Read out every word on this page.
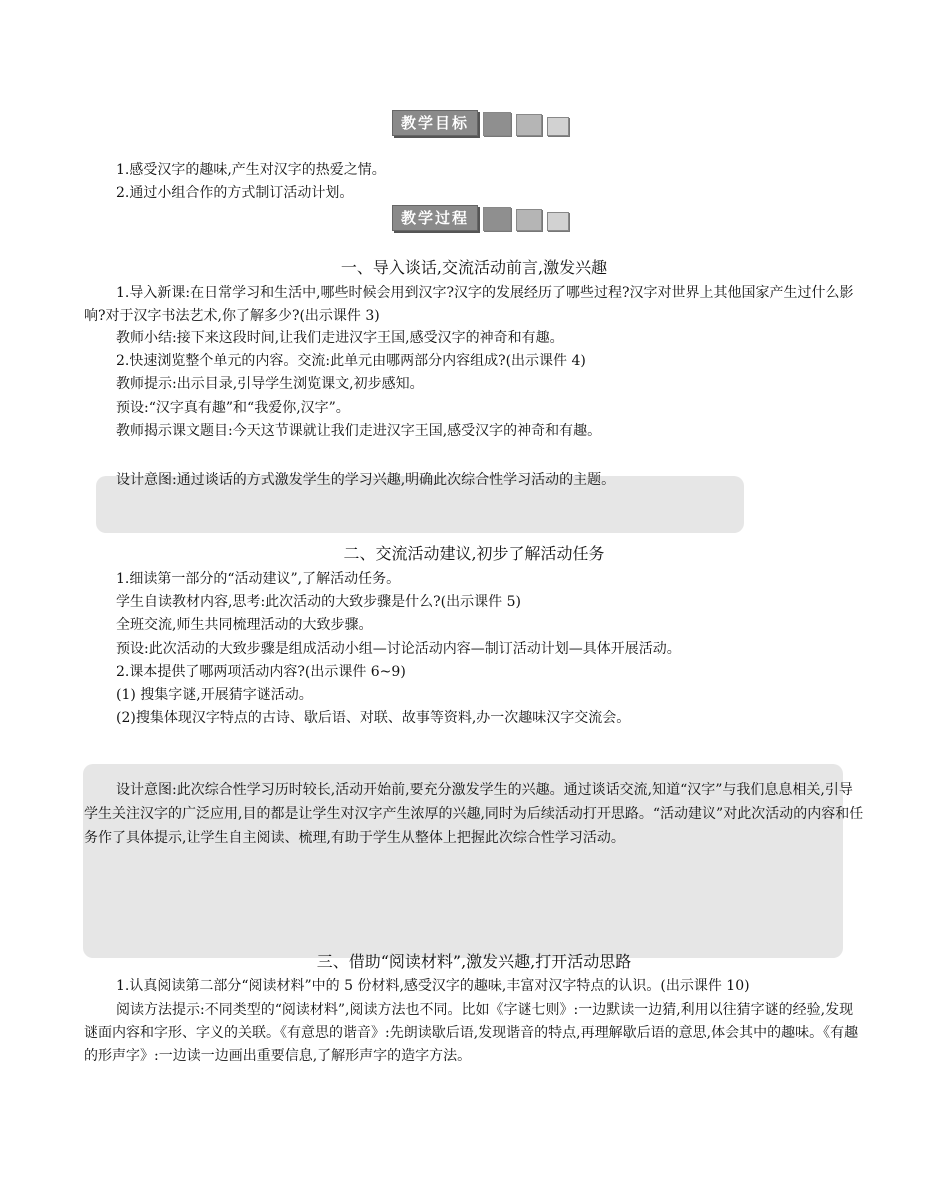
教学目标
1.感受汉字的趣味,产生对汉字的热爱之情。
2.通过小组合作的方式制订活动计划。
教学过程
一、导入谈话,交流活动前言,激发兴趣
1.导入新课:在日常学习和生活中,哪些时候会用到汉字?汉字的发展经历了哪些过程?汉字对世界上其他国家产生过什么影响?对于汉字书法艺术,你了解多少?(出示课件 3)
教师小结:接下来这段时间,让我们走进汉字王国,感受汉字的神奇和有趣。
2.快速浏览整个单元的内容。交流:此单元由哪两部分内容组成?(出示课件 4)
教师提示:出示目录,引导学生浏览课文,初步感知。
预设:“汉字真有趣”和“我爱你,汉字”。
教师揭示课文题目:今天这节课就让我们走进汉字王国,感受汉字的神奇和有趣。
设计意图:通过谈话的方式激发学生的学习兴趣,明确此次综合性学习活动的主题。
二、交流活动建议,初步了解活动任务
1.细读第一部分的“活动建议”,了解活动任务。
学生自读教材内容,思考:此次活动的大致步骤是什么?(出示课件 5)
全班交流,师生共同梳理活动的大致步骤。
预设:此次活动的大致步骤是组成活动小组—讨论活动内容—制订活动计划—具体开展活动。
2.课本提供了哪两项活动内容?(出示课件 6~9)
(1) 搜集字谜,开展猜字谜活动。
(2)搜集体现汉字特点的古诗、歇后语、对联、故事等资料,办一次趣味汉字交流会。
设计意图:此次综合性学习历时较长,活动开始前,要充分激发学生的兴趣。通过谈话交流,知道“汉字”与我们息息相关,引导学生关注汉字的广泛应用,目的都是让学生对汉字产生浓厚的兴趣,同时为后续活动打开思路。“活动建议”对此次活动的内容和任务作了具体提示,让学生自主阅读、梳理,有助于学生从整体上把握此次综合性学习活动。
三、借助“阅读材料”,激发兴趣,打开活动思路
1.认真阅读第二部分“阅读材料”中的 5 份材料,感受汉字的趣味,丰富对汉字特点的认识。(出示课件 10)
阅读方法提示:不同类型的“阅读材料”,阅读方法也不同。比如《字谜七则》:一边默读一边猜,利用以往猜字谜的经验,发现谜面内容和字形、字义的关联。《有意思的谐音》:先朗读歇后语,发现谐音的特点,再理解歇后语的意思,体会其中的趣味。《有趣的形声字》:一边读一边画出重要信息,了解形声字的造字方法。
